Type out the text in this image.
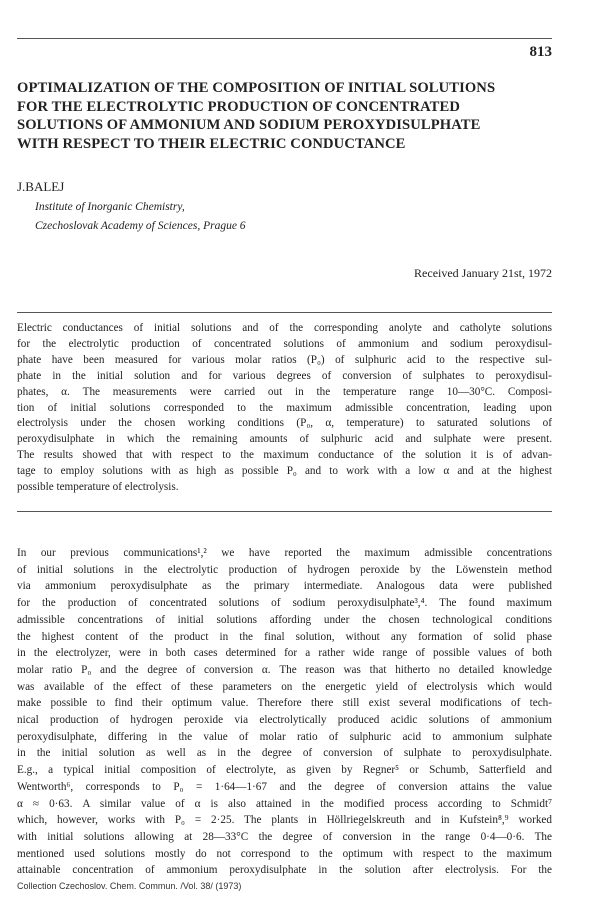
813
OPTIMALIZATION OF THE COMPOSITION OF INITIAL SOLUTIONS
FOR THE ELECTROLYTIC PRODUCTION OF CONCENTRATED
SOLUTIONS OF AMMONIUM AND SODIUM PEROXYDISULPHATE
WITH RESPECT TO THEIR ELECTRIC CONDUCTANCE
J.BALEJ
Institute of Inorganic Chemistry,
Czechoslovak Academy of Sciences, Prague 6
Received January 21st, 1972
Electric conductances of initial solutions and of the corresponding anolyte and catholyte solutions
for the electrolytic production of concentrated solutions of ammonium and sodium peroxydisul-
phate have been measured for various molar ratios (P₀) of sulphuric acid to the respective sul-
phate in the initial solution and for various degrees of conversion of sulphates to peroxydisul-
phates, α. The measurements were carried out in the temperature range 10—30°C. Composi-
tion of initial solutions corresponded to the maximum admissible concentration, leading upon
electrolysis under the chosen working conditions (P₀, α, temperature) to saturated solutions of
peroxydisulphate in which the remaining amounts of sulphuric acid and sulphate were present.
The results showed that with respect to the maximum conductance of the solution it is of advan-
tage to employ solutions with as high as possible P₀ and to work with a low α and at the highest
possible temperature of electrolysis.
In our previous communications¹,² we have reported the maximum admissible concentrations
of initial solutions in the electrolytic production of hydrogen peroxide by the Löwenstein method
via ammonium peroxydisulphate as the primary intermediate. Analogous data were published
for the production of concentrated solutions of sodium peroxydisulphate³,⁴. The found maximum
admissible concentrations of initial solutions affording under the chosen technological conditions
the highest content of the product in the final solution, without any formation of solid phase
in the electrolyzer, were in both cases determined for a rather wide range of possible values of both
molar ratio P₀ and the degree of conversion α. The reason was that hitherto no detailed knowledge
was available of the effect of these parameters on the energetic yield of electrolysis which would
make possible to find their optimum value. Therefore there still exist several modifications of tech-
nical production of hydrogen peroxide via electrolytically produced acidic solutions of ammonium
peroxydisulphate, differing in the value of molar ratio of sulphuric acid to ammonium sulphate
in the initial solution as well as in the degree of conversion of sulphate to peroxydisulphate.
E.g., a typical initial composition of electrolyte, as given by Regner⁵ or Schumb, Satterfield and
Wentworth⁶, corresponds to P₀ = 1·64—1·67 and the degree of conversion attains the value
α ≈ 0·63. A similar value of α is also attained in the modified process according to Schmidt⁷
which, however, works with P₀ = 2·25. The plants in Höllriegelskreuth and in Kufstein⁸,⁹ worked
with initial solutions allowing at 28—33°C the degree of conversion in the range 0·4—0·6. The
mentioned used solutions mostly do not correspond to the optimum with respect to the maximum
attainable concentration of ammonium peroxydisulphate in the solution after electrolysis. For the
Collection Czechoslov. Chem. Commun. /Vol. 38/ (1973)
